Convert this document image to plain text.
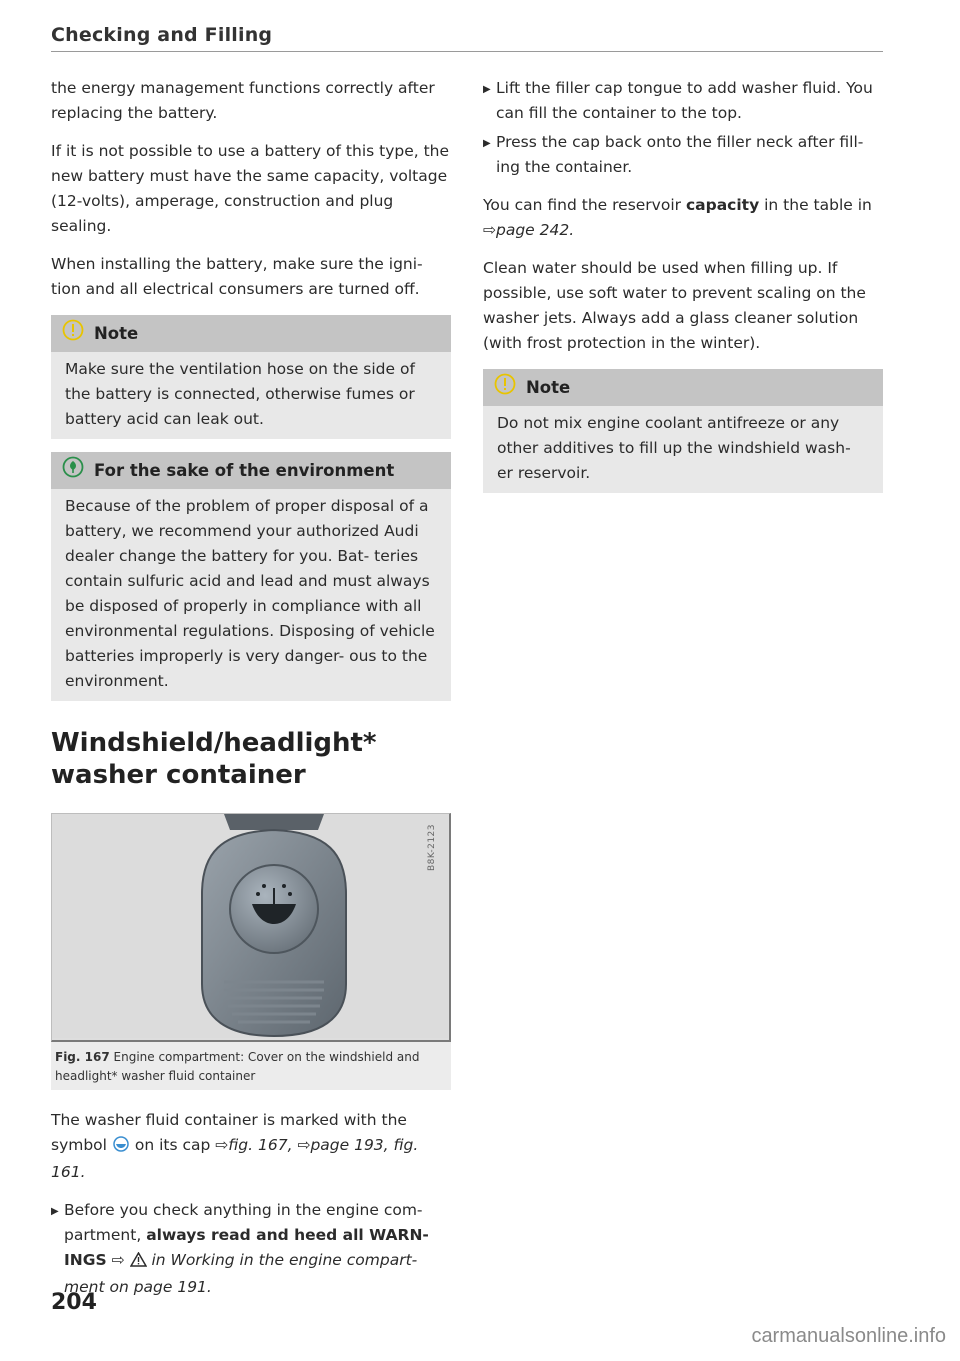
Checking and Filling

the energy management functions correctly after replacing the battery.

If it is not possible to use a battery of this type, the new battery must have the same capacity, voltage (12-volts), amperage, construction and plug sealing.

When installing the battery, make sure the igni- tion and all electrical consumers are turned off.

Note

Make sure the ventilation hose on the side of the battery is connected, otherwise fumes or battery acid can leak out.

For the sake of the environment

Because of the problem of proper disposal of a battery, we recommend your authorized Audi dealer change the battery for you. Bat- teries contain sulfuric acid and lead and must always be disposed of properly in compliance with all environmental regulations. Disposing of vehicle batteries improperly is very danger- ous to the environment.

Windshield/headlight* washer container
B8K-2123
Fig. 167 Engine compartment: Cover on the windshield and headlight* washer fluid container

The washer fluid container is marked with the symbol on its cap ⇨fig. 167, ⇨page 193, fig. 161.

▶ Before you check anything in the engine com- partment, always read and heed all WARN- INGS ⇨ in Working in the engine compart- ment on page 191.
▶ Lift the filler cap tongue to add washer fluid. You can fill the container to the top.
▶ Press the cap back onto the filler neck after fill- ing the container.

You can find the reservoir capacity in the table in ⇨page 242.

Clean water should be used when filling up. If possible, use soft water to prevent scaling on the washer jets. Always add a glass cleaner solution (with frost protection in the winter).

Note

Do not mix engine coolant antifreeze or any other additives to fill up the windshield wash- er reservoir.

204
carmanualsonline.info
